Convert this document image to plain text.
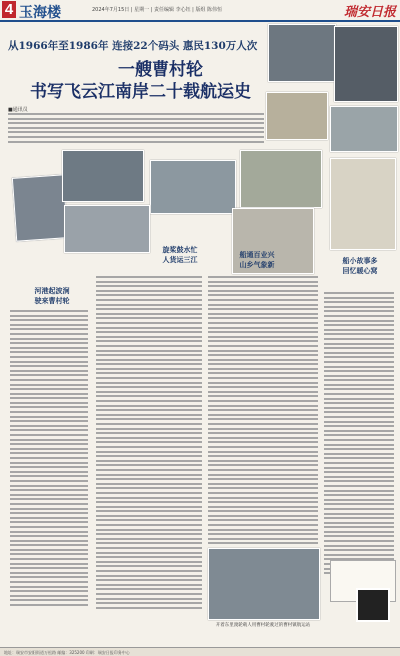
4 玉海楼	2024年7月15日 | 星期一 | 责任编辑 李心钰 | 版组 陈伟恒	瑞安日报
从1966年至1986年 连接22个码头 惠民130万人次
一艘曹村轮
书写飞云江南岸二十载航运史
■通讯员
旋桨鼓水忙
人货运三江
船通百业兴
山乡气象新	船小故事多
回忆暖心窝
河港起波涧
驶来曹村轮
开着东里渡轮载人用曹村轮驶过的曹村镇航运站
地址：瑞安市安阳街道万松路 邮编：325200 印刷：瑞安日报印务中心
